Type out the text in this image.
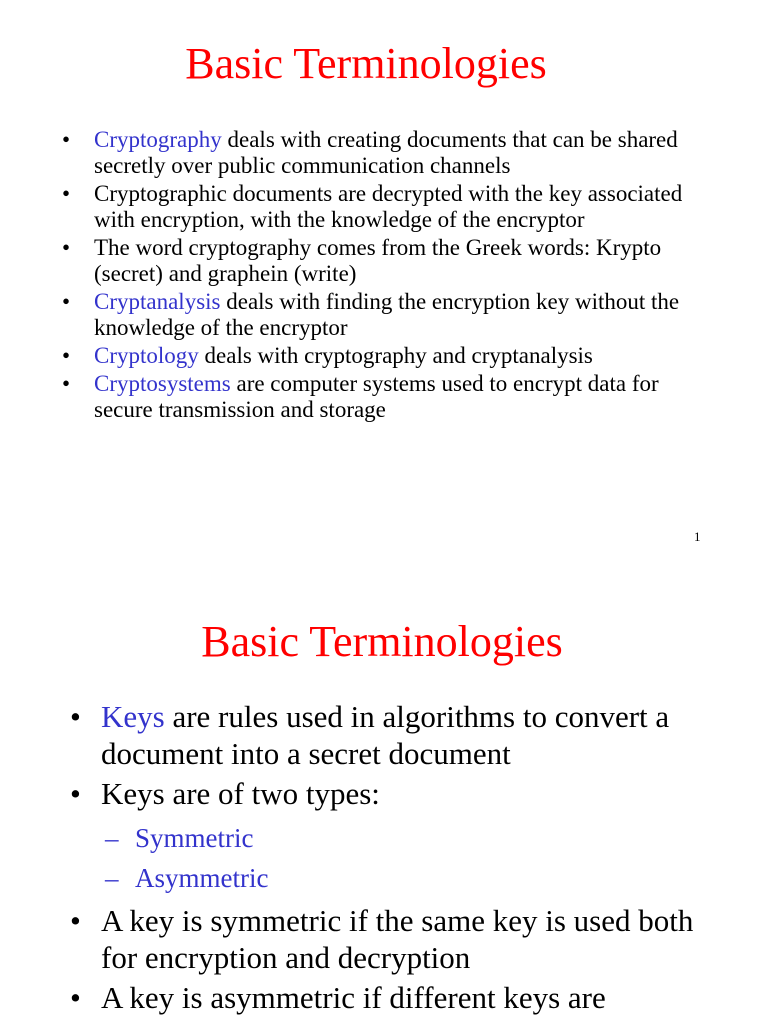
Basic Terminologies
• Cryptography deals with creating documents that can be shared secretly over public communication channels
• Cryptographic documents are decrypted with the key associated with encryption, with the knowledge of the encryptor
• The word cryptography comes from the Greek words: Krypto (secret) and graphein (write)
• Cryptanalysis deals with finding the encryption key without the knowledge of the encryptor
• Cryptology deals with cryptography and cryptanalysis
• Cryptosystems are computer systems used to encrypt data for secure transmission and storage
1
Basic Terminologies
• Keys are rules used in algorithms to convert a document into a secret document
• Keys are of two types:
– Symmetric
– Asymmetric
• A key is symmetric if the same key is used both for encryption and decryption
• A key is asymmetric if different keys are
